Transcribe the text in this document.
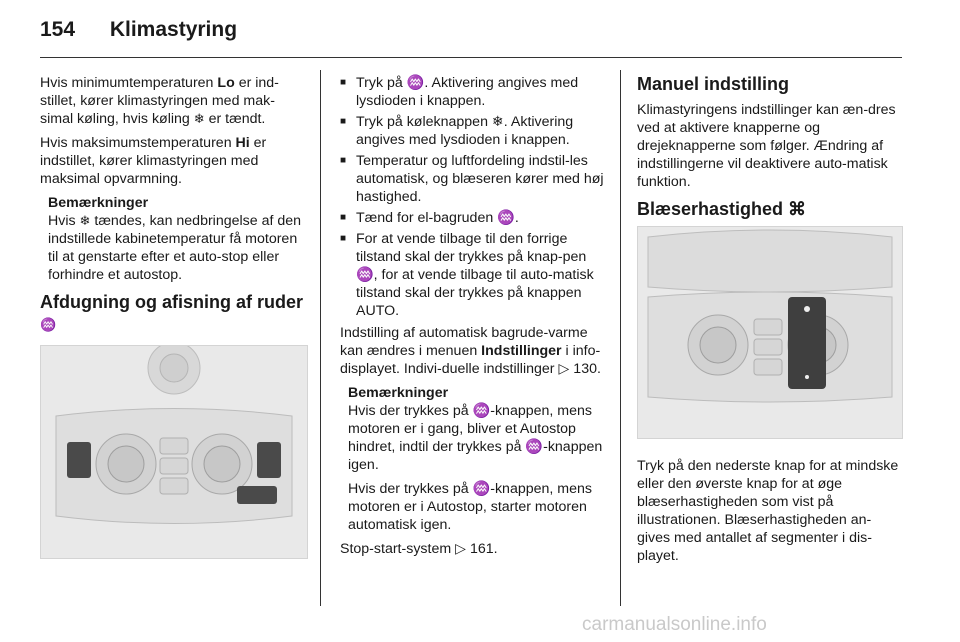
154 Klimastyring

Hvis minimumtemperaturen Lo er ind-stillet, kører klimastyringen med mak-simal køling, hvis køling ❄ er tændt.

Hvis maksimumstemperaturen Hi er indstillet, kører klimastyringen med maksimal opvarmning.

Bemærkninger

Hvis ❄ tændes, kan nedbringelse af den indstillede kabinetemperatur få motoren til at genstarte efter et auto-stop eller forhindre et autostop.

Afdugning og afisning af ruder ♒
■ Tryk på ♒. Aktivering angives med lysdioden i knappen.
■ Tryk på køleknappen ❄. Aktivering angives med lysdioden i knappen.
■ Temperatur og luftfordeling indstil-les automatisk, og blæseren kører med høj hastighed.
■ Tænd for el-bagruden ♒.
■ For at vende tilbage til den forrige tilstand skal der trykkes på knap-pen ♒, for at vende tilbage til auto-matisk tilstand skal der trykkes på knappen AUTO.

Indstilling af automatisk bagrude-varme kan ændres i menuen Indstillinger i info-displayet. Indivi-duelle indstillinger ▷ 130.

Bemærkninger

Hvis der trykkes på ♒-knappen, mens motoren er i gang, bliver et Autostop hindret, indtil der trykkes på ♒-knappen igen.

Hvis der trykkes på ♒-knappen, mens motoren er i Autostop, starter motoren automatisk igen.

Stop-start-system ▷ 161.

Manuel indstilling

Klimastyringens indstillinger kan æn-dres ved at aktivere knapperne og drejeknapperne som følger. Ændring af indstillingerne vil deaktivere auto-matisk funktion.

Blæserhastighed ⌘

Tryk på den nederste knap for at mindske eller den øverste knap for at øge blæserhastigheden som vist på illustrationen. Blæserhastigheden an-gives med antallet af segmenter i dis-playet.

carmanualsonline.info
